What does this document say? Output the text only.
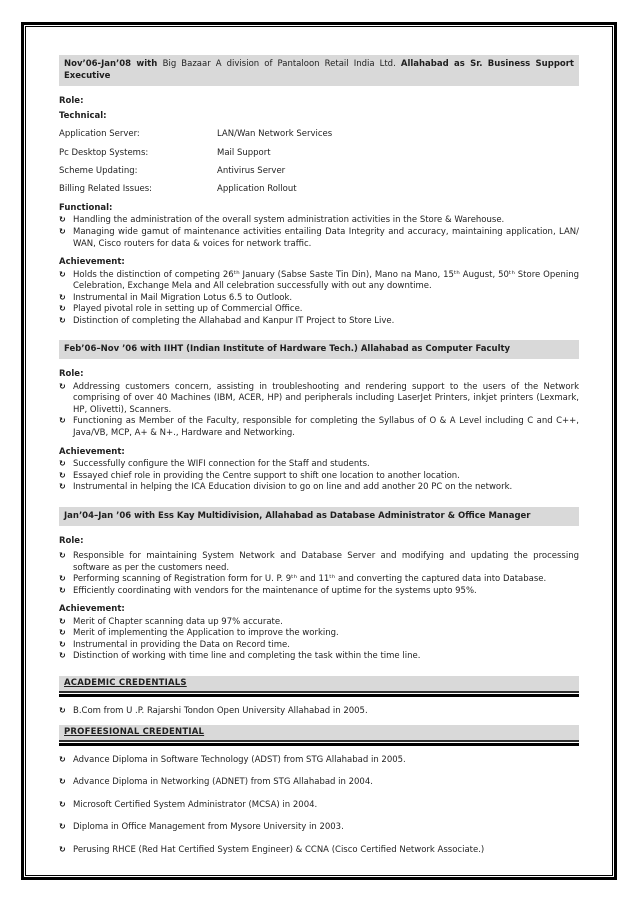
Nov’06-Jan’08 with Big Bazaar A division of Pantaloon Retail India Ltd. Allahabad as Sr. Business Support Executive
Role:
Technical:
Application Server:	LAN/Wan Network Services
Pc Desktop Systems:	Mail Support
Scheme Updating:	Antivirus Server
Billing Related Issues:	Application Rollout
Functional:
↻ Handling the administration of the overall system administration activities in the Store & Warehouse.
↻ Managing wide gamut of maintenance activities entailing Data Integrity and accuracy, maintaining application, LAN/ WAN, Cisco routers for data & voices for network traffic.
Achievement:
↻ Holds the distinction of competing 26ᵗʰ January (Sabse Saste Tin Din), Mano na Mano, 15ᵗʰ August, 50ᵗʰ Store Opening Celebration, Exchange Mela and All celebration successfully with out any downtime.
↻ Instrumental in Mail Migration Lotus 6.5 to Outlook.
↻ Played pivotal role in setting up of Commercial Office.
↻ Distinction of completing the Allahabad and Kanpur IT Project to Store Live.
Feb’06–Nov ’06 with IIHT (Indian Institute of Hardware Tech.) Allahabad as Computer Faculty
Role:
↻ Addressing customers concern, assisting in troubleshooting and rendering support to the users of the Network comprising of over 40 Machines (IBM, ACER, HP) and peripherals including LaserJet Printers, inkjet printers (Lexmark, HP, Olivetti), Scanners.
↻ Functioning as Member of the Faculty, responsible for completing the Syllabus of O & A Level including C and C++, Java/VB, MCP, A+ & N+., Hardware and Networking.
Achievement:
↻ Successfully configure the WIFI connection for the Staff and students.
↻ Essayed chief role in providing the Centre support to shift one location to another location.
↻ Instrumental in helping the ICA Education division to go on line and add another 20 PC on the network.
Jan’04–Jan ’06 with Ess Kay Multidivision, Allahabad as Database Administrator & Office Manager
Role:
↻ Responsible for maintaining System Network and Database Server and modifying and updating the processing software as per the customers need.
↻ Performing scanning of Registration form for U. P. 9ᵗʰ and 11ᵗʰ and converting the captured data into Database.
↻ Efficiently coordinating with vendors for the maintenance of uptime for the systems upto 95%.
Achievement:
↻ Merit of Chapter scanning data up 97% accurate.
↻ Merit of implementing the Application to improve the working.
↻ Instrumental in providing the Data on Record time.
↻ Distinction of working with time line and completing the task within the time line.
ACADEMIC CREDENTIALS
↻ B.Com from U .P. Rajarshi Tondon Open University Allahabad in 2005.
PROFEESIONAL CREDENTIAL
↻ Advance Diploma in Software Technology (ADST) from STG Allahabad in 2005.
↻ Advance Diploma in Networking (ADNET) from STG Allahabad in 2004.
↻ Microsoft Certified System Administrator (MCSA) in 2004.
↻ Diploma in Office Management from Mysore University in 2003.
↻ Perusing RHCE (Red Hat Certified System Engineer) & CCNA (Cisco Certified Network Associate.)
